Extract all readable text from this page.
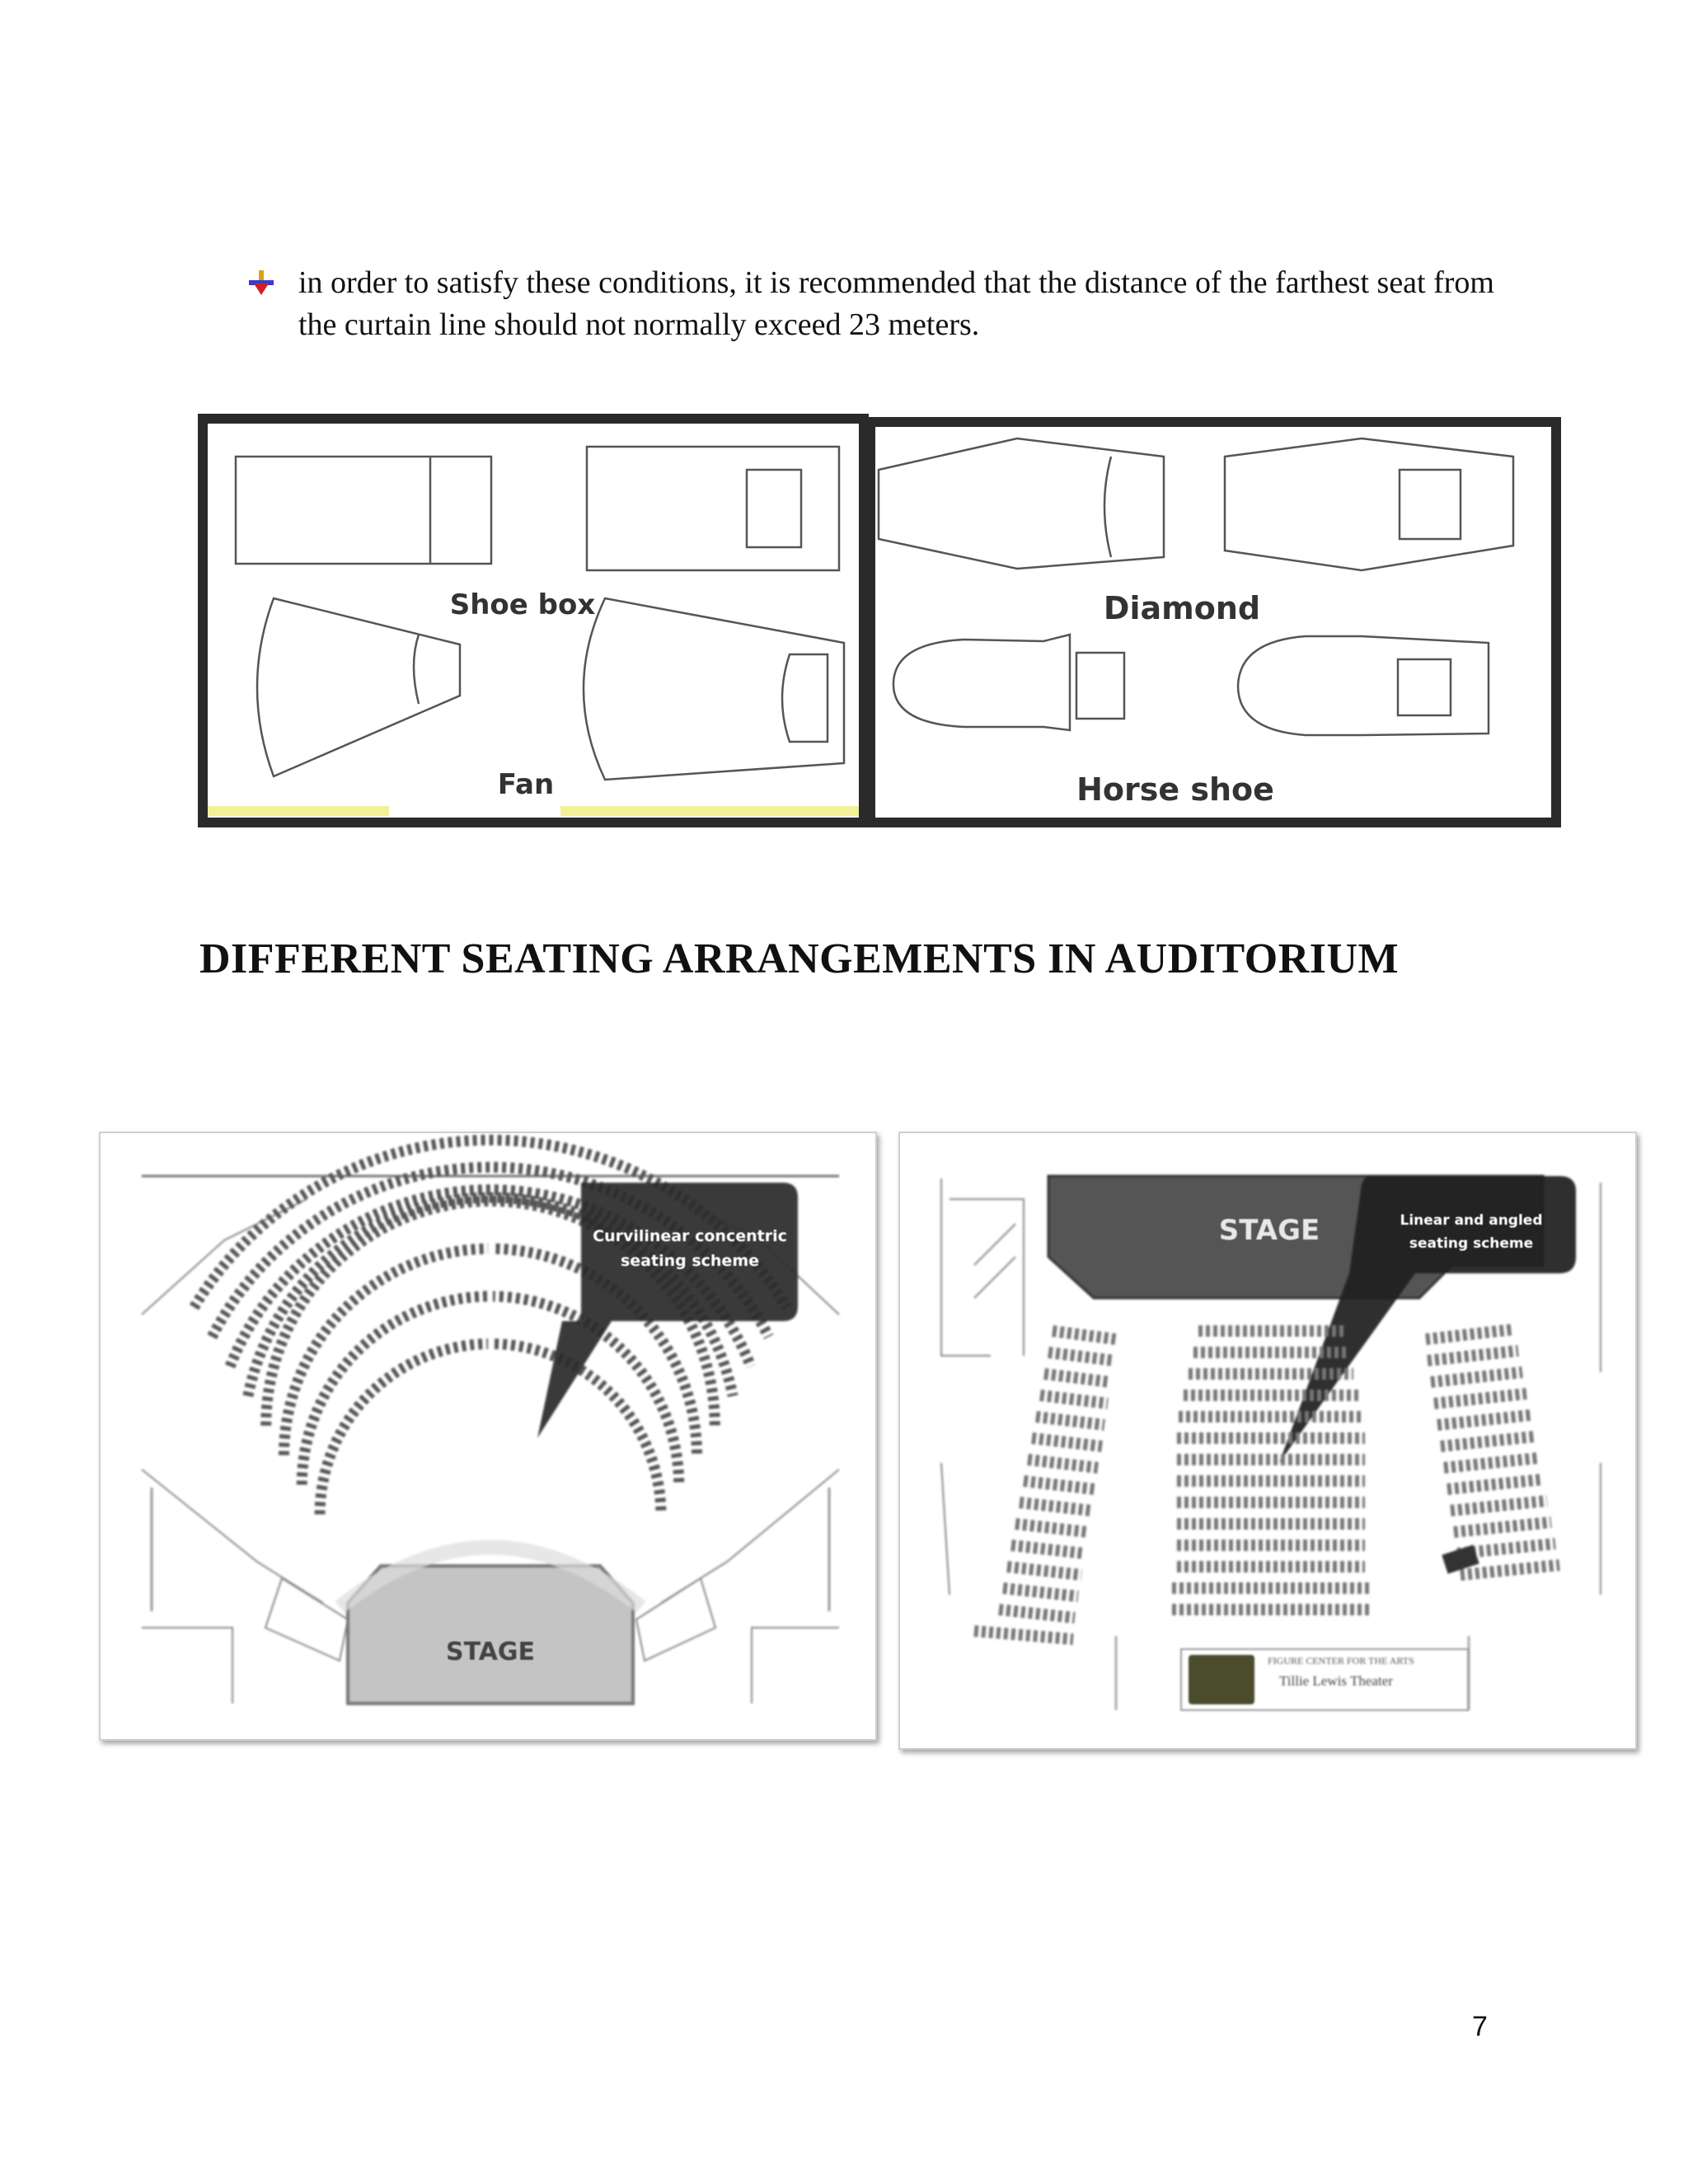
in order to satisfy these conditions, it is recommended that the distance of the farthest seat from the curtain line should not normally exceed 23 meters.
Shoe box
Fan
Diamond
Horse shoe
DIFFERENT SEATING ARRANGEMENTS IN AUDITORIUM
Curvilinear concentric
seating scheme
STAGE
STAGE	Linear and angled
seating scheme
FIGURE CENTER FOR THE ARTS
Tillie Lewis Theater
7
